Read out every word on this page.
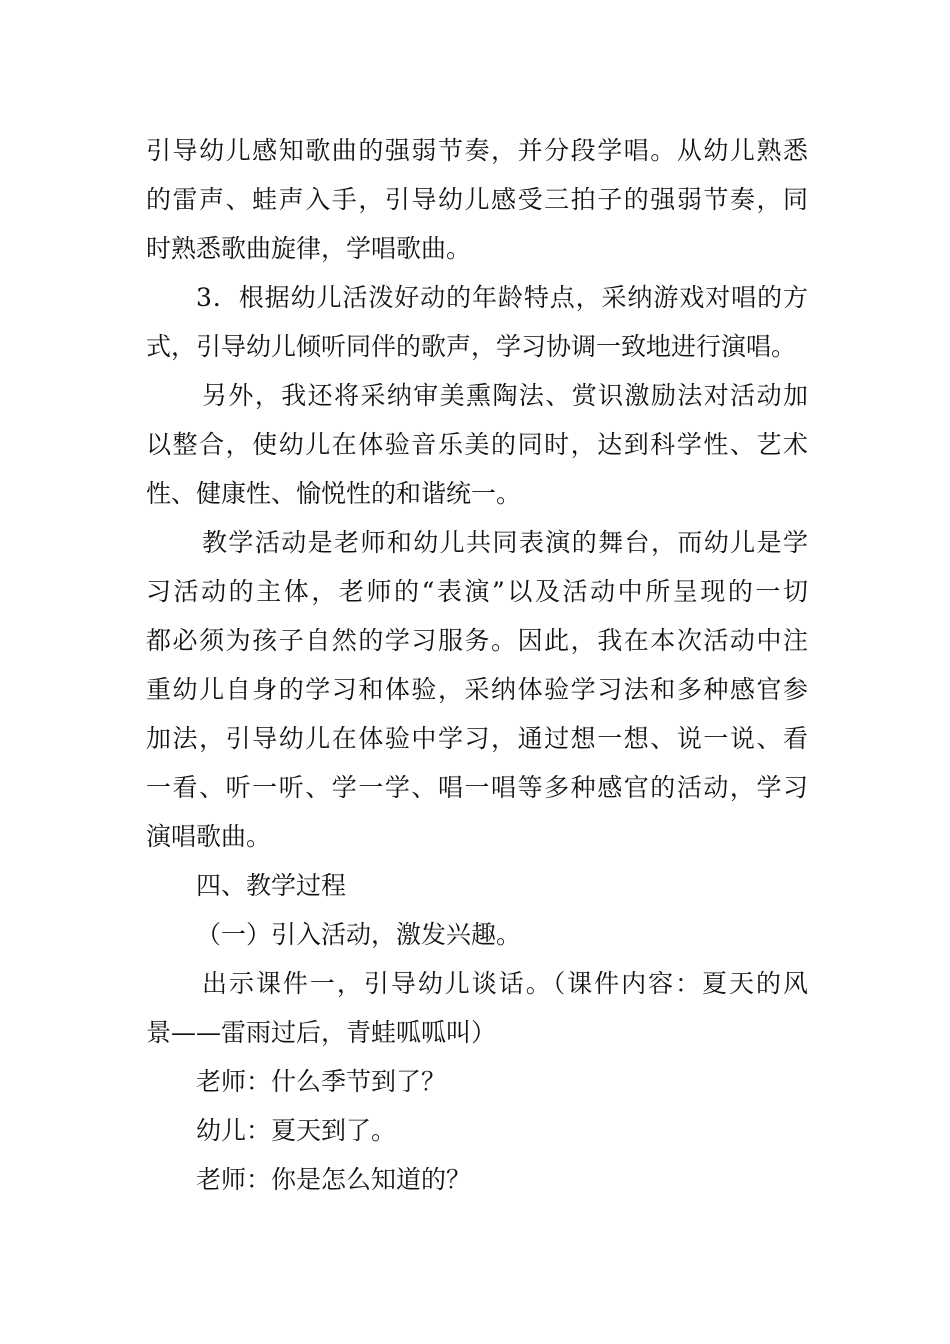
引导幼儿感知歌曲的强弱节奏，并分段学唱。从幼儿熟悉
的雷声、蛙声入手，引导幼儿感受三拍子的强弱节奏，同
时熟悉歌曲旋律，学唱歌曲。
3．根据幼儿活泼好动的年龄特点，采纳游戏对唱的方
式，引导幼儿倾听同伴的歌声，学习协调一致地进行演唱。
另外，我还将采纳审美熏陶法、赏识激励法对活动加
以整合，使幼儿在体验音乐美的同时，达到科学性、艺术
性、健康性、愉悦性的和谐统一。
教学活动是老师和幼儿共同表演的舞台，而幼儿是学
习活动的主体，老师的“表演”以及活动中所呈现的一切
都必须为孩子自然的学习服务。因此，我在本次活动中注
重幼儿自身的学习和体验，采纳体验学习法和多种感官参
加法，引导幼儿在体验中学习，通过想一想、说一说、看
一看、听一听、学一学、唱一唱等多种感官的活动，学习
演唱歌曲。
四、教学过程
（一）引入活动，激发兴趣。
出示课件一，引导幼儿谈话。（课件内容：夏天的风
景——雷雨过后，青蛙呱呱叫）
老师：什么季节到了？
幼儿：夏天到了。
老师：你是怎么知道的？
